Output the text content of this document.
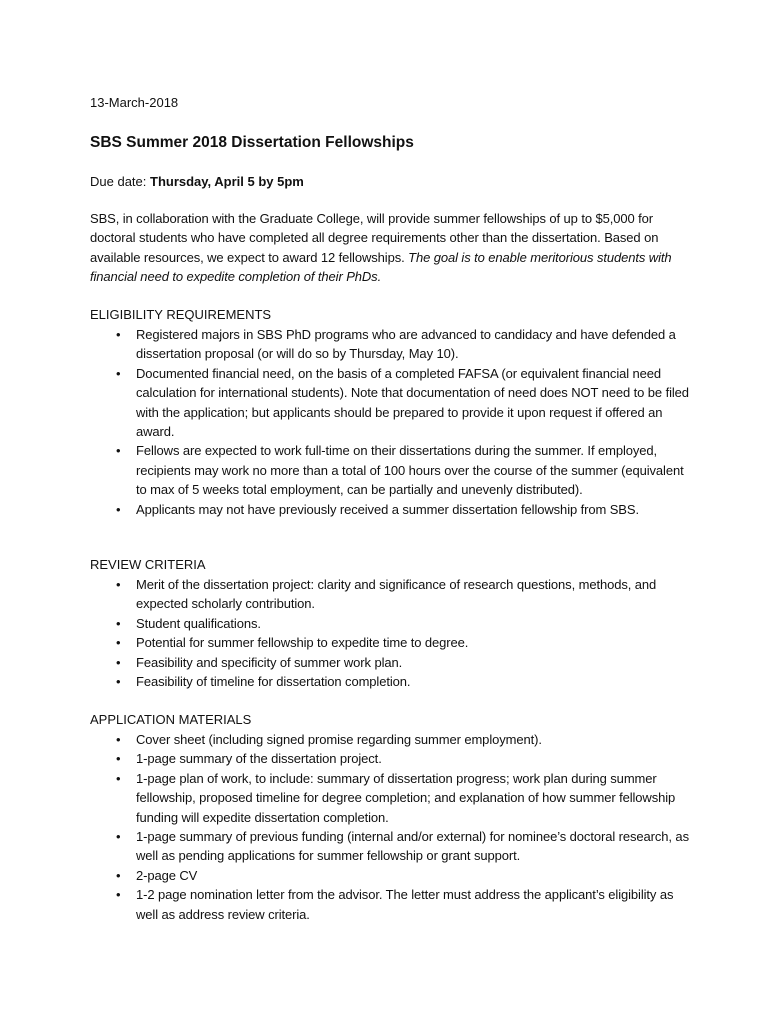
13-March-2018
SBS Summer 2018 Dissertation Fellowships
Due date: Thursday, April 5 by 5pm
SBS, in collaboration with the Graduate College, will provide summer fellowships of up to $5,000 for doctoral students who have completed all degree requirements other than the dissertation. Based on available resources, we expect to award 12 fellowships. The goal is to enable meritorious students with financial need to expedite completion of their PhDs.
ELIGIBILITY REQUIREMENTS
• Registered majors in SBS PhD programs who are advanced to candidacy and have defended a dissertation proposal (or will do so by Thursday, May 10).
• Documented financial need, on the basis of a completed FAFSA (or equivalent financial need calculation for international students). Note that documentation of need does NOT need to be filed with the application; but applicants should be prepared to provide it upon request if offered an award.
• Fellows are expected to work full-time on their dissertations during the summer. If employed, recipients may work no more than a total of 100 hours over the course of the summer (equivalent to max of 5 weeks total employment, can be partially and unevenly distributed).
• Applicants may not have previously received a summer dissertation fellowship from SBS.
REVIEW CRITERIA
• Merit of the dissertation project: clarity and significance of research questions, methods, and expected scholarly contribution.
• Student qualifications.
• Potential for summer fellowship to expedite time to degree.
• Feasibility and specificity of summer work plan.
• Feasibility of timeline for dissertation completion.
APPLICATION MATERIALS
• Cover sheet (including signed promise regarding summer employment).
• 1-page summary of the dissertation project.
• 1-page plan of work, to include: summary of dissertation progress; work plan during summer fellowship, proposed timeline for degree completion; and explanation of how summer fellowship funding will expedite dissertation completion.
• 1-page summary of previous funding (internal and/or external) for nominee’s doctoral research, as well as pending applications for summer fellowship or grant support.
• 2-page CV
• 1-2 page nomination letter from the advisor. The letter must address the applicant’s eligibility as well as address review criteria.
